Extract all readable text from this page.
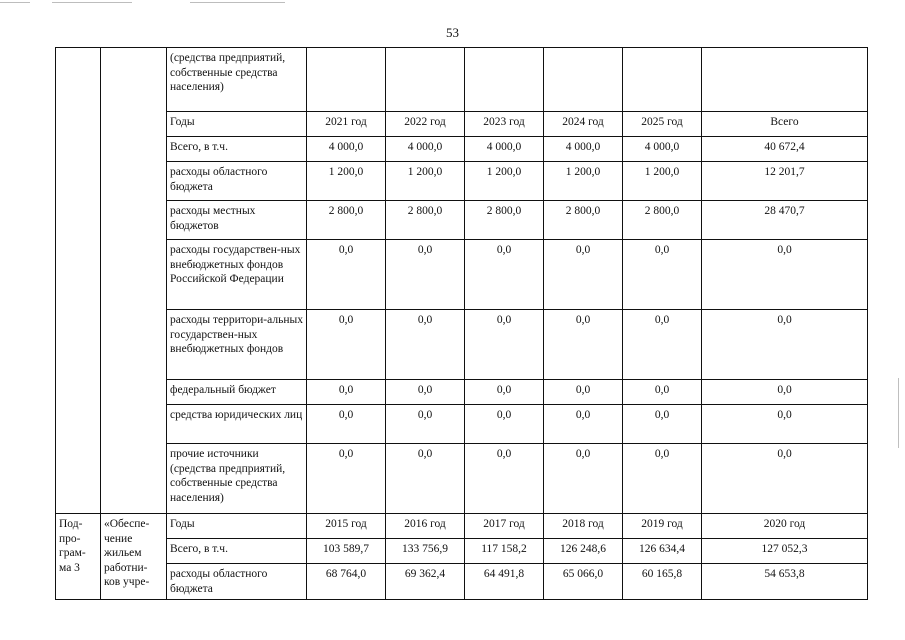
53
		(средства предприятий, собственные средства населения)						
		Годы	2021 год	2022 год	2023 год	2024 год	2025 год	Всего
		Всего, в т.ч.	4 000,0	4 000,0	4 000,0	4 000,0	4 000,0	40 672,4
		расходы областного бюджета	1 200,0	1 200,0	1 200,0	1 200,0	1 200,0	12 201,7
		расходы местных бюджетов	2 800,0	2 800,0	2 800,0	2 800,0	2 800,0	28 470,7
		расходы государствен-ных внебюджетных фондов Российской Федерации	0,0	0,0	0,0	0,0	0,0	0,0
		расходы территори-альных государствен-ных внебюджетных фондов	0,0	0,0	0,0	0,0	0,0	0,0
		федеральный бюджет	0,0	0,0	0,0	0,0	0,0	0,0
		средства юридических лиц	0,0	0,0	0,0	0,0	0,0	0,0
		прочие источники (средства предприятий, собственные средства населения)	0,0	0,0	0,0	0,0	0,0	0,0
Под-про-грам-ма 3	«Обеспе-чение жильем работни-ков учре-	Годы	2015 год	2016 год	2017 год	2018 год	2019 год	2020 год
		Всего, в т.ч.	103 589,7	133 756,9	117 158,2	126 248,6	126 634,4	127 052,3
		расходы областного бюджета	68 764,0	69 362,4	64 491,8	65 066,0	60 165,8	54 653,8
